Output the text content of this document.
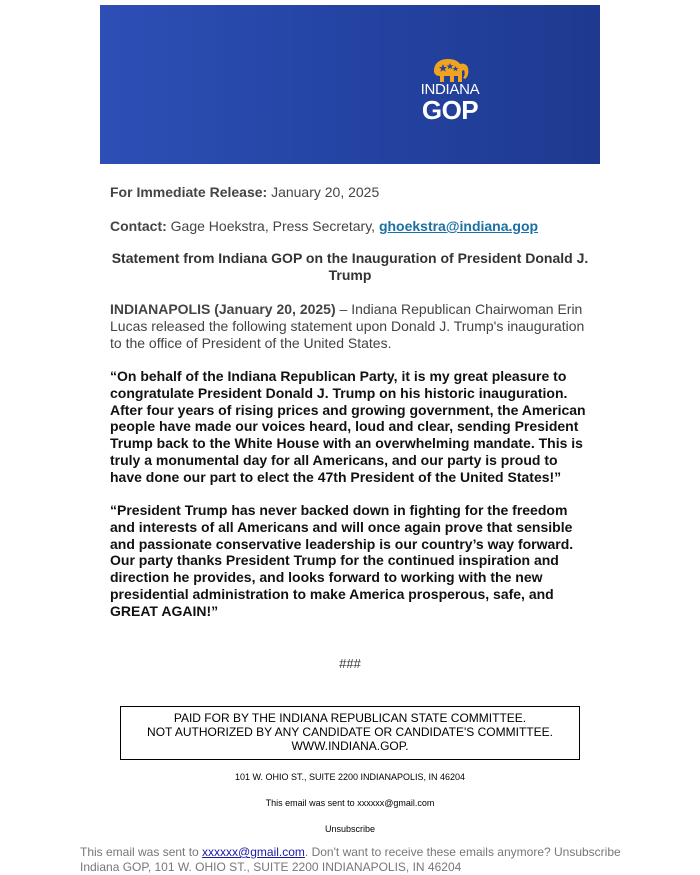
INDIANA
GOP
For Immediate Release: January 20, 2025
Contact: Gage Hoekstra, Press Secretary, ghoekstra@indiana.gop
Statement from Indiana GOP on the Inauguration of President Donald J. Trump
INDIANAPOLIS (January 20, 2025) – Indiana Republican Chairwoman Erin Lucas released the following statement upon Donald J. Trump's inauguration to the office of President of the United States.
“On behalf of the Indiana Republican Party, it is my great pleasure to congratulate President Donald J. Trump on his historic inauguration. After four years of rising prices and growing government, the American people have made our voices heard, loud and clear, sending President Trump back to the White House with an overwhelming mandate. This is truly a monumental day for all Americans, and our party is proud to have done our part to elect the 47th President of the United States!”
“President Trump has never backed down in fighting for the freedom and interests of all Americans and will once again prove that sensible and passionate conservative leadership is our country’s way forward. Our party thanks President Trump for the continued inspiration and direction he provides, and looks forward to working with the new presidential administration to make America prosperous, safe, and GREAT AGAIN!”
###
PAID FOR BY THE INDIANA REPUBLICAN STATE COMMITTEE.
NOT AUTHORIZED BY ANY CANDIDATE OR CANDIDATE'S COMMITTEE.
WWW.INDIANA.GOP.
101 W. OHIO ST., SUITE 2200 INDIANAPOLIS, IN 46204
This email was sent to xxxxxx@gmail.com
Unsubscribe
This email was sent to xxxxxx@gmail.com. Don't want to receive these emails anymore? Unsubscribe
Indiana GOP, 101 W. OHIO ST., SUITE 2200 INDIANAPOLIS, IN 46204
